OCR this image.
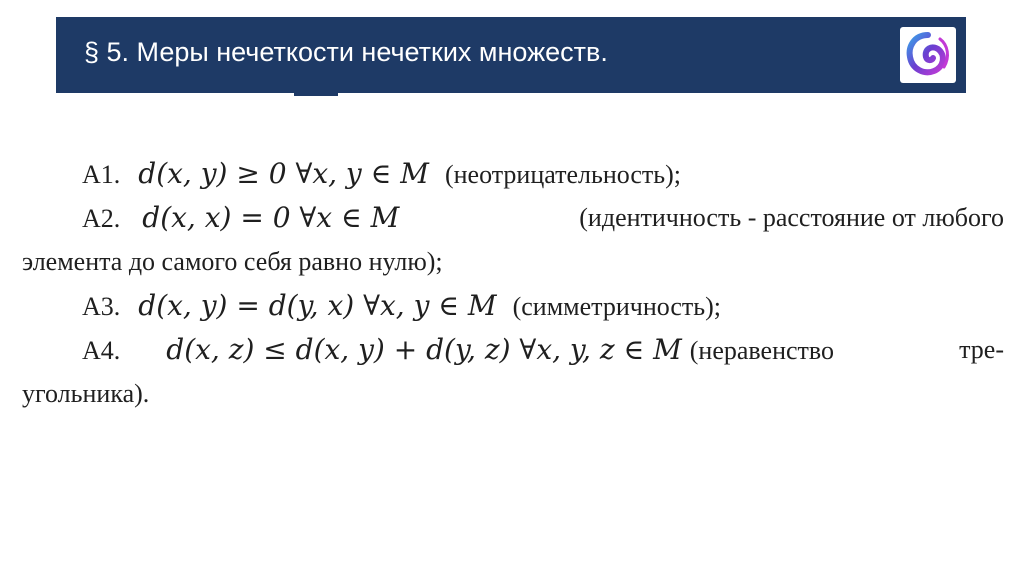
§ 5. Меры нечеткости нечетких множеств.
А1. d(x, y) ≥ 0 ∀x, y ∈ M (неотрицательность);
А2. d(x, x) = 0 ∀x ∈ M	(идентичность - расстояние от любого
элемента до самого себя равно нулю);
А3. d(x, y) = d(y, x) ∀x, y ∈ M (симметричность);
А4. d(x, z) ≤ d(x, y) + d(y, z) ∀x, y, z ∈ M (неравенство	тре-
угольника).
